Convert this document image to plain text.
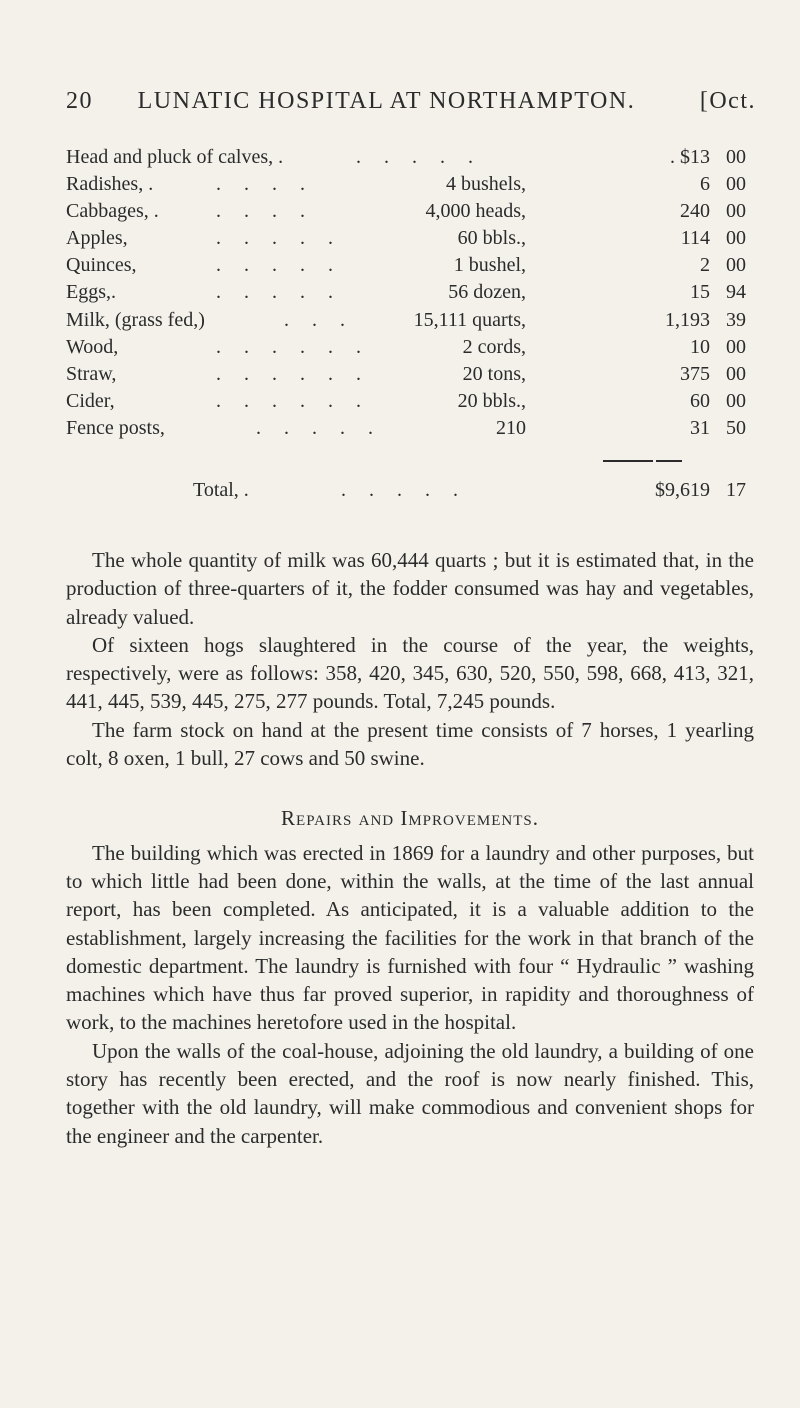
20	LUNATIC HOSPITAL AT NORTHAMPTON.	[Oct.
Head and pluck of calves, .	. . . . .	. $13 00
Radishes, .	. . . .	4 bushels,	6 00
Cabbages, .	. . . .	4,000 heads,	240 00
Apples,	. . . . .	60 bbls.,	114 00
Quinces,	. . . . .	1 bushel,	2 00
Eggs,.	. . . . .	56 dozen,	15 94
Milk, (grass fed,)	. . .	15,111 quarts,	1,193 39
Wood,	. . . . . .	2 cords,	10 00
Straw,	. . . . . .	20 tons,	375 00
Cider,	. . . . . .	20 bbls.,	60 00
Fence posts,	. . . . .	210	31 50
Total, .	. . . . .	$9,619 17

The whole quantity of milk was 60,444 quarts ; but it is estimated that, in the production of three-quarters of it, the fodder consumed was hay and vegetables, already valued.

Of sixteen hogs slaughtered in the course of the year, the weights, respectively, were as follows: 358, 420, 345, 630, 520, 550, 598, 668, 413, 321, 441, 445, 539, 445, 275, 277 pounds. Total, 7,245 pounds.

The farm stock on hand at the present time consists of 7 horses, 1 yearling colt, 8 oxen, 1 bull, 27 cows and 50 swine.

Repairs and Improvements.

The building which was erected in 1869 for a laundry and other purposes, but to which little had been done, within the walls, at the time of the last annual report, has been completed. As anticipated, it is a valuable addition to the establishment, largely increasing the facilities for the work in that branch of the domestic department. The laundry is furnished with four “ Hydraulic ” washing machines which have thus far proved superior, in rapidity and thoroughness of work, to the machines heretofore used in the hospital.

Upon the walls of the coal-house, adjoining the old laundry, a building of one story has recently been erected, and the roof is now nearly finished. This, together with the old laundry, will make commodious and convenient shops for the engineer and the carpenter.
